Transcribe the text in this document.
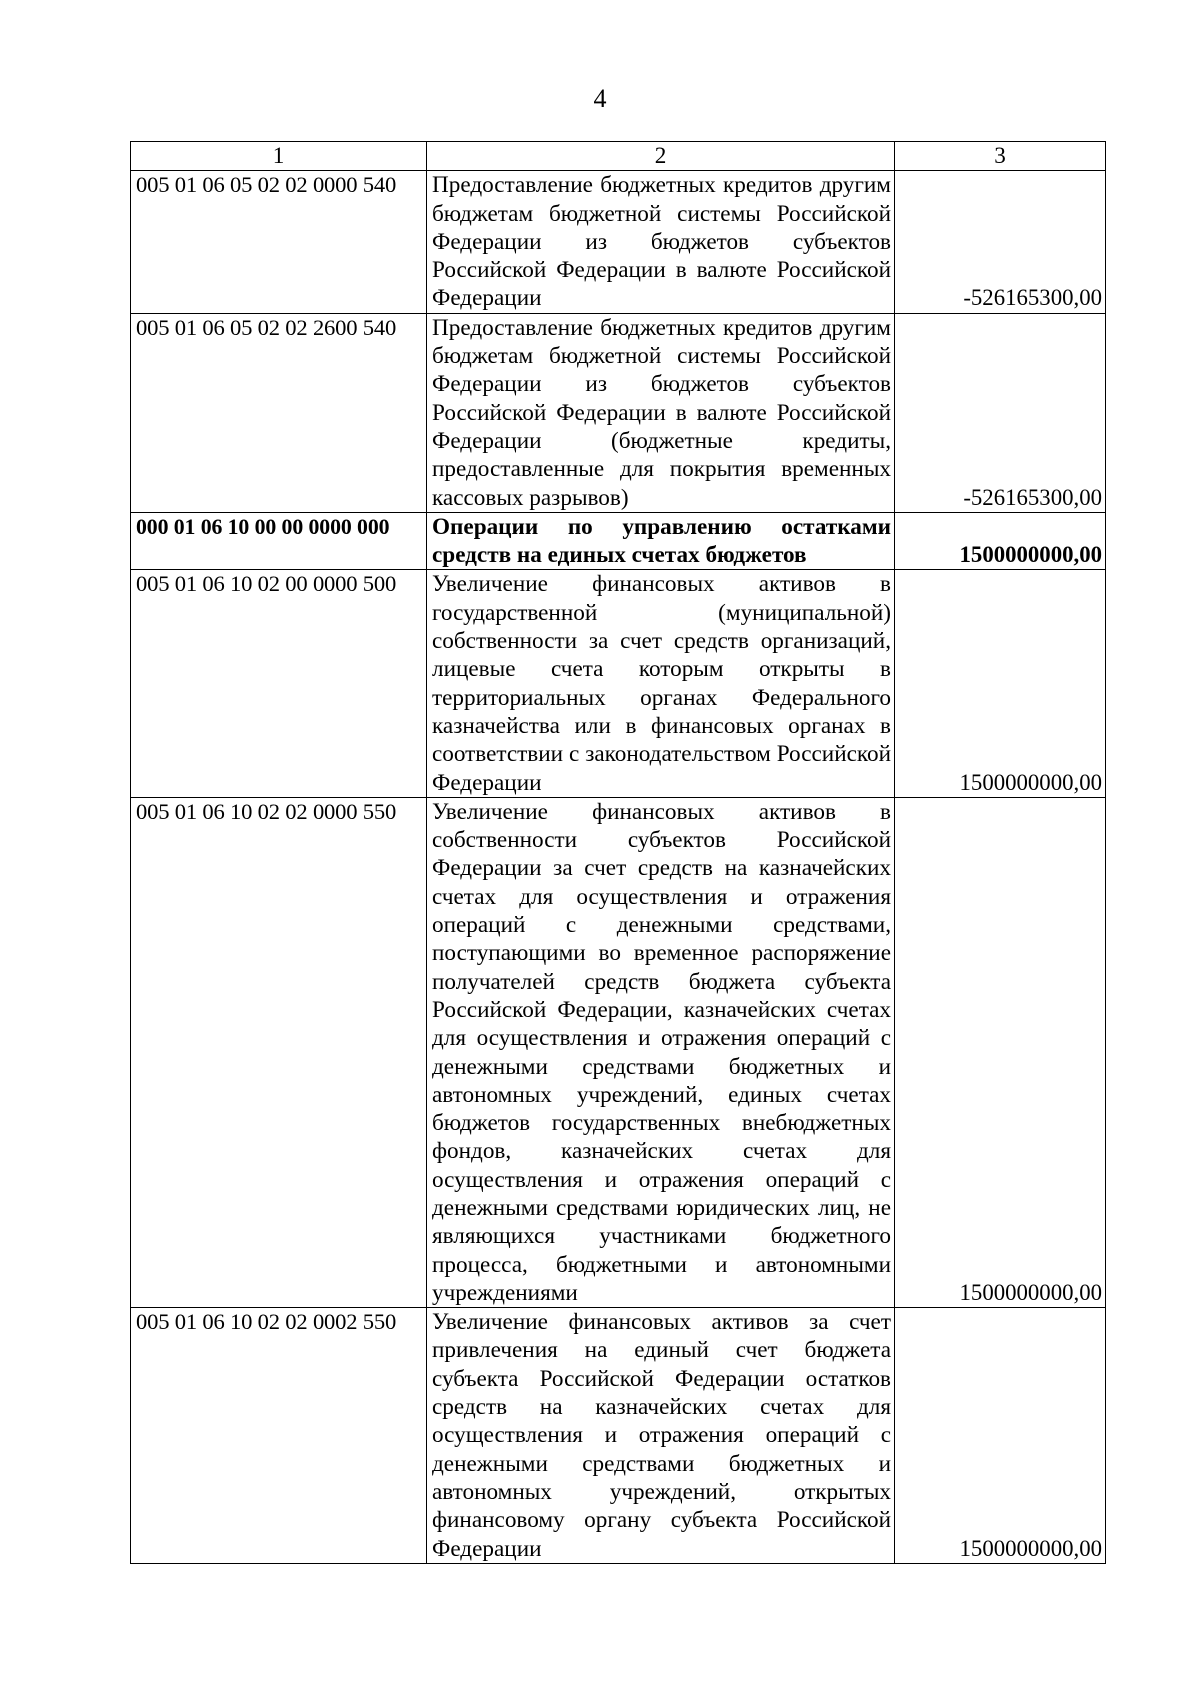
4
1	2	3
005 01 06 05 02 02 0000 540	Предоставление бюджетных кредитов другим бюджетам бюджетной системы Российской Федерации из бюджетов субъектов Российской Федерации в валюте Российской Федерации	-526165300,00
005 01 06 05 02 02 2600 540	Предоставление бюджетных кредитов другим бюджетам бюджетной системы Российской Федерации из бюджетов субъектов Российской Федерации в валюте Российской Федерации (бюджетные кредиты, предоставленные для покрытия временных кассовых разрывов)	-526165300,00
000 01 06 10 00 00 0000 000	Операции по управлению остатками средств на единых счетах бюджетов	1500000000,00
005 01 06 10 02 00 0000 500	Увеличение финансовых активов в государственной (муниципальной) собственности за счет средств организаций, лицевые счета которым открыты в территориальных органах Федерального казначейства или в финансовых органах в соответствии с законодательством Российской Федерации	1500000000,00
005 01 06 10 02 02 0000 550	Увеличение финансовых активов в собственности субъектов Российской Федерации за счет средств на казначейских счетах для осуществления и отражения операций с денежными средствами, поступающими во временное распоряжение получателей средств бюджета субъекта Российской Федерации, казначейских счетах для осуществления и отражения операций с денежными средствами бюджетных и автономных учреждений, единых счетах бюджетов государственных внебюджетных фондов, казначейских счетах для осуществления и отражения операций с денежными средствами юридических лиц, не являющихся участниками бюджетного процесса, бюджетными и автономными учреждениями	1500000000,00
005 01 06 10 02 02 0002 550	Увеличение финансовых активов за счет привлечения на единый счет бюджета субъекта Российской Федерации остатков средств на казначейских счетах для осуществления и отражения операций с денежными средствами бюджетных и автономных учреждений, открытых финансовому органу субъекта Российской Федерации	1500000000,00
